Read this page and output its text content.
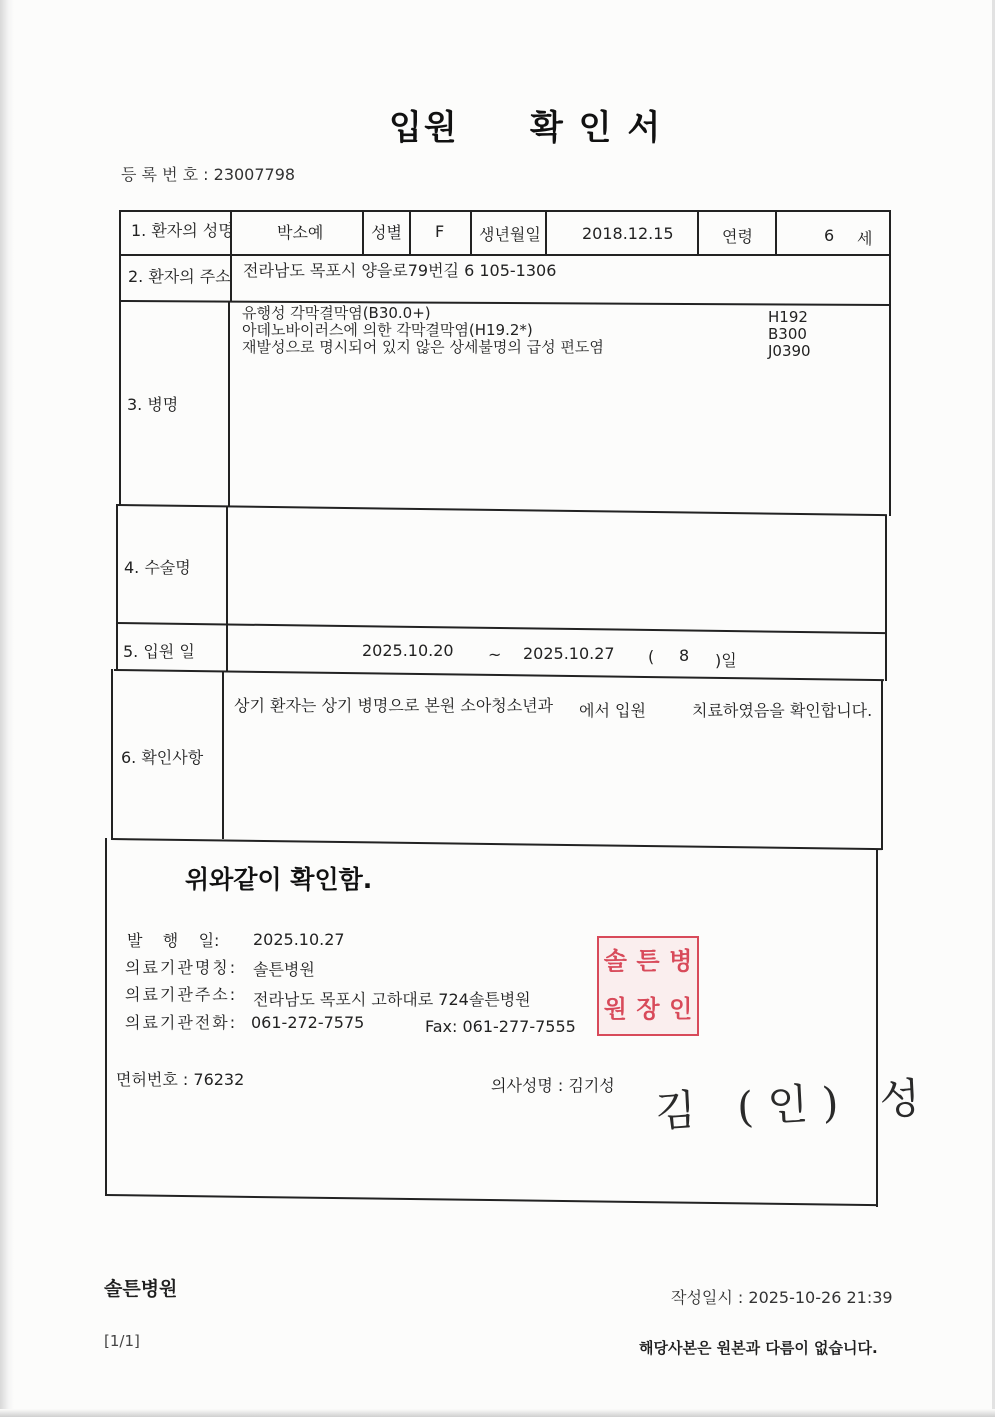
입원 확 인 서
등 록 번 호 : 23007798
1. 환자의 성명	박소예	성별 F 생년월일	2018.12.15	연령	6 세
2. 환자의 주소 전라남도 목포시 양을로79번길 6 105-1306
3. 병명
유행성 각막결막염(B30.0+)
아데노바이러스에 의한 각막결막염(H19.2*)
재발성으로 명시되어 있지 않은 상세불명의 급성 편도염
H192
B300
J0390
4. 수술명
5. 입원 일	2025.10.20 ~ 2025.10.27 ( 8 )일
6. 확인사항
상기 환자는 상기 병명으로 본원 소아청소년과 에서 입원	치료하였음을 확인합니다.
위와같이 확인함.
발    행    일: 2025.10.27
의료기관명칭: 솔튼병원
의료기관주소: 전라남도 목포시 고하대로 724솔튼병원
의료기관전화: 061-272-7575	Fax: 061-277-7555
솔 튼 병
원 장 인
면허번호 : 76232	의사성명 : 김기성 김 (인) 성
솔튼병원	작성일시 : 2025-10-26 21:39
[1/1]	해당사본은 원본과 다름이 없습니다.
